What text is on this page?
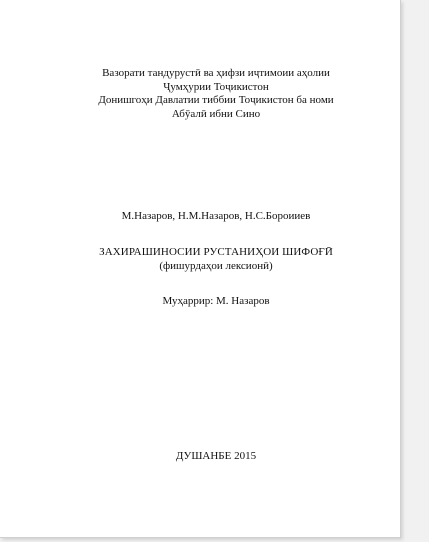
Вазорати тандурустӣ ва ҳифзи иҷтимоии аҳолии
Ҷумҳурии Тоҷикистон
Донишгоҳи Давлатии тиббии Тоҷикистон ба номи
Абӯалӣ ибни Сино
М.Назаров, Н.М.Назаров, Н.С.Бороииев
ЗАХИРАШИНОСИИ РУСТАНИҲОИ ШИФОҒӢ
(фишурдаҳои лексионӣ)
Муҳаррир: М. Назаров
ДУШАНБЕ 2015
